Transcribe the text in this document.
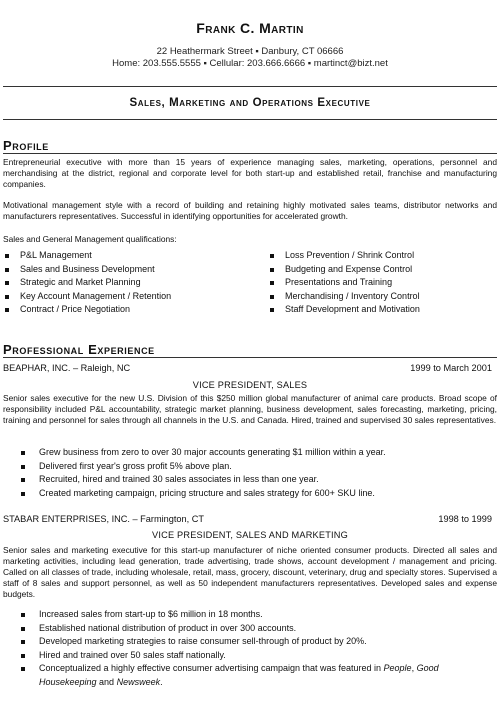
Frank C. Martin
22 Heathermark Street ▪ Danbury, CT 06666
Home: 203.555.5555 ▪ Cellular: 203.666.6666 ▪ martinct@bizt.net
Sales, Marketing and Operations Executive
Profile

Entrepreneurial executive with more than 15 years of experience managing sales, marketing, operations, personnel and merchandising at the district, regional and corporate level for both start-up and established retail, franchise and manufacturing companies.

Motivational management style with a record of building and retaining highly motivated sales teams, distributor networks and manufacturers representatives. Successful in identifying opportunities for accelerated growth.

Sales and General Management qualifications:

P&L Management
Sales and Business Development
Strategic and Market Planning
Key Account Management / Retention
Contract / Price Negotiation
Loss Prevention / Shrink Control
Budgeting and Expense Control
Presentations and Training
Merchandising / Inventory Control
Staff Development and Motivation
Professional Experience
BEAPHAR, INC. – Raleigh, NC	1999 to March 2001
VICE PRESIDENT, SALES

Senior sales executive for the new U.S. Division of this $250 million global manufacturer of animal care products. Broad scope of responsibility included P&L accountability, strategic market planning, business development, sales forecasting, marketing, pricing, training and personnel for sales through all channels in the U.S. and Canada. Hired, trained and supervised 30 sales representatives.

Grew business from zero to over 30 major accounts generating $1 million within a year.
Delivered first year's gross profit 5% above plan.
Recruited, hired and trained 30 sales associates in less than one year.
Created marketing campaign, pricing structure and sales strategy for 600+ SKU line.
STABAR ENTERPRISES, INC. – Farmington, CT	1998 to 1999
VICE PRESIDENT, SALES AND MARKETING

Senior sales and marketing executive for this start-up manufacturer of niche oriented consumer products. Directed all sales and marketing activities, including lead generation, trade advertising, trade shows, account development / management and pricing. Called on all classes of trade, including wholesale, retail, mass, grocery, discount, veterinary, drug and specialty stores. Supervised a staff of 8 sales and support personnel, as well as 50 independent manufacturers representatives. Developed sales and expense budgets.

Increased sales from start-up to $6 million in 18 months.
Established national distribution of product in over 300 accounts.
Developed marketing strategies to raise consumer sell-through of product by 20%.
Hired and trained over 50 sales staff nationally.
Conceptualized a highly effective consumer advertising campaign that was featured in People, Good Housekeeping and Newsweek.
